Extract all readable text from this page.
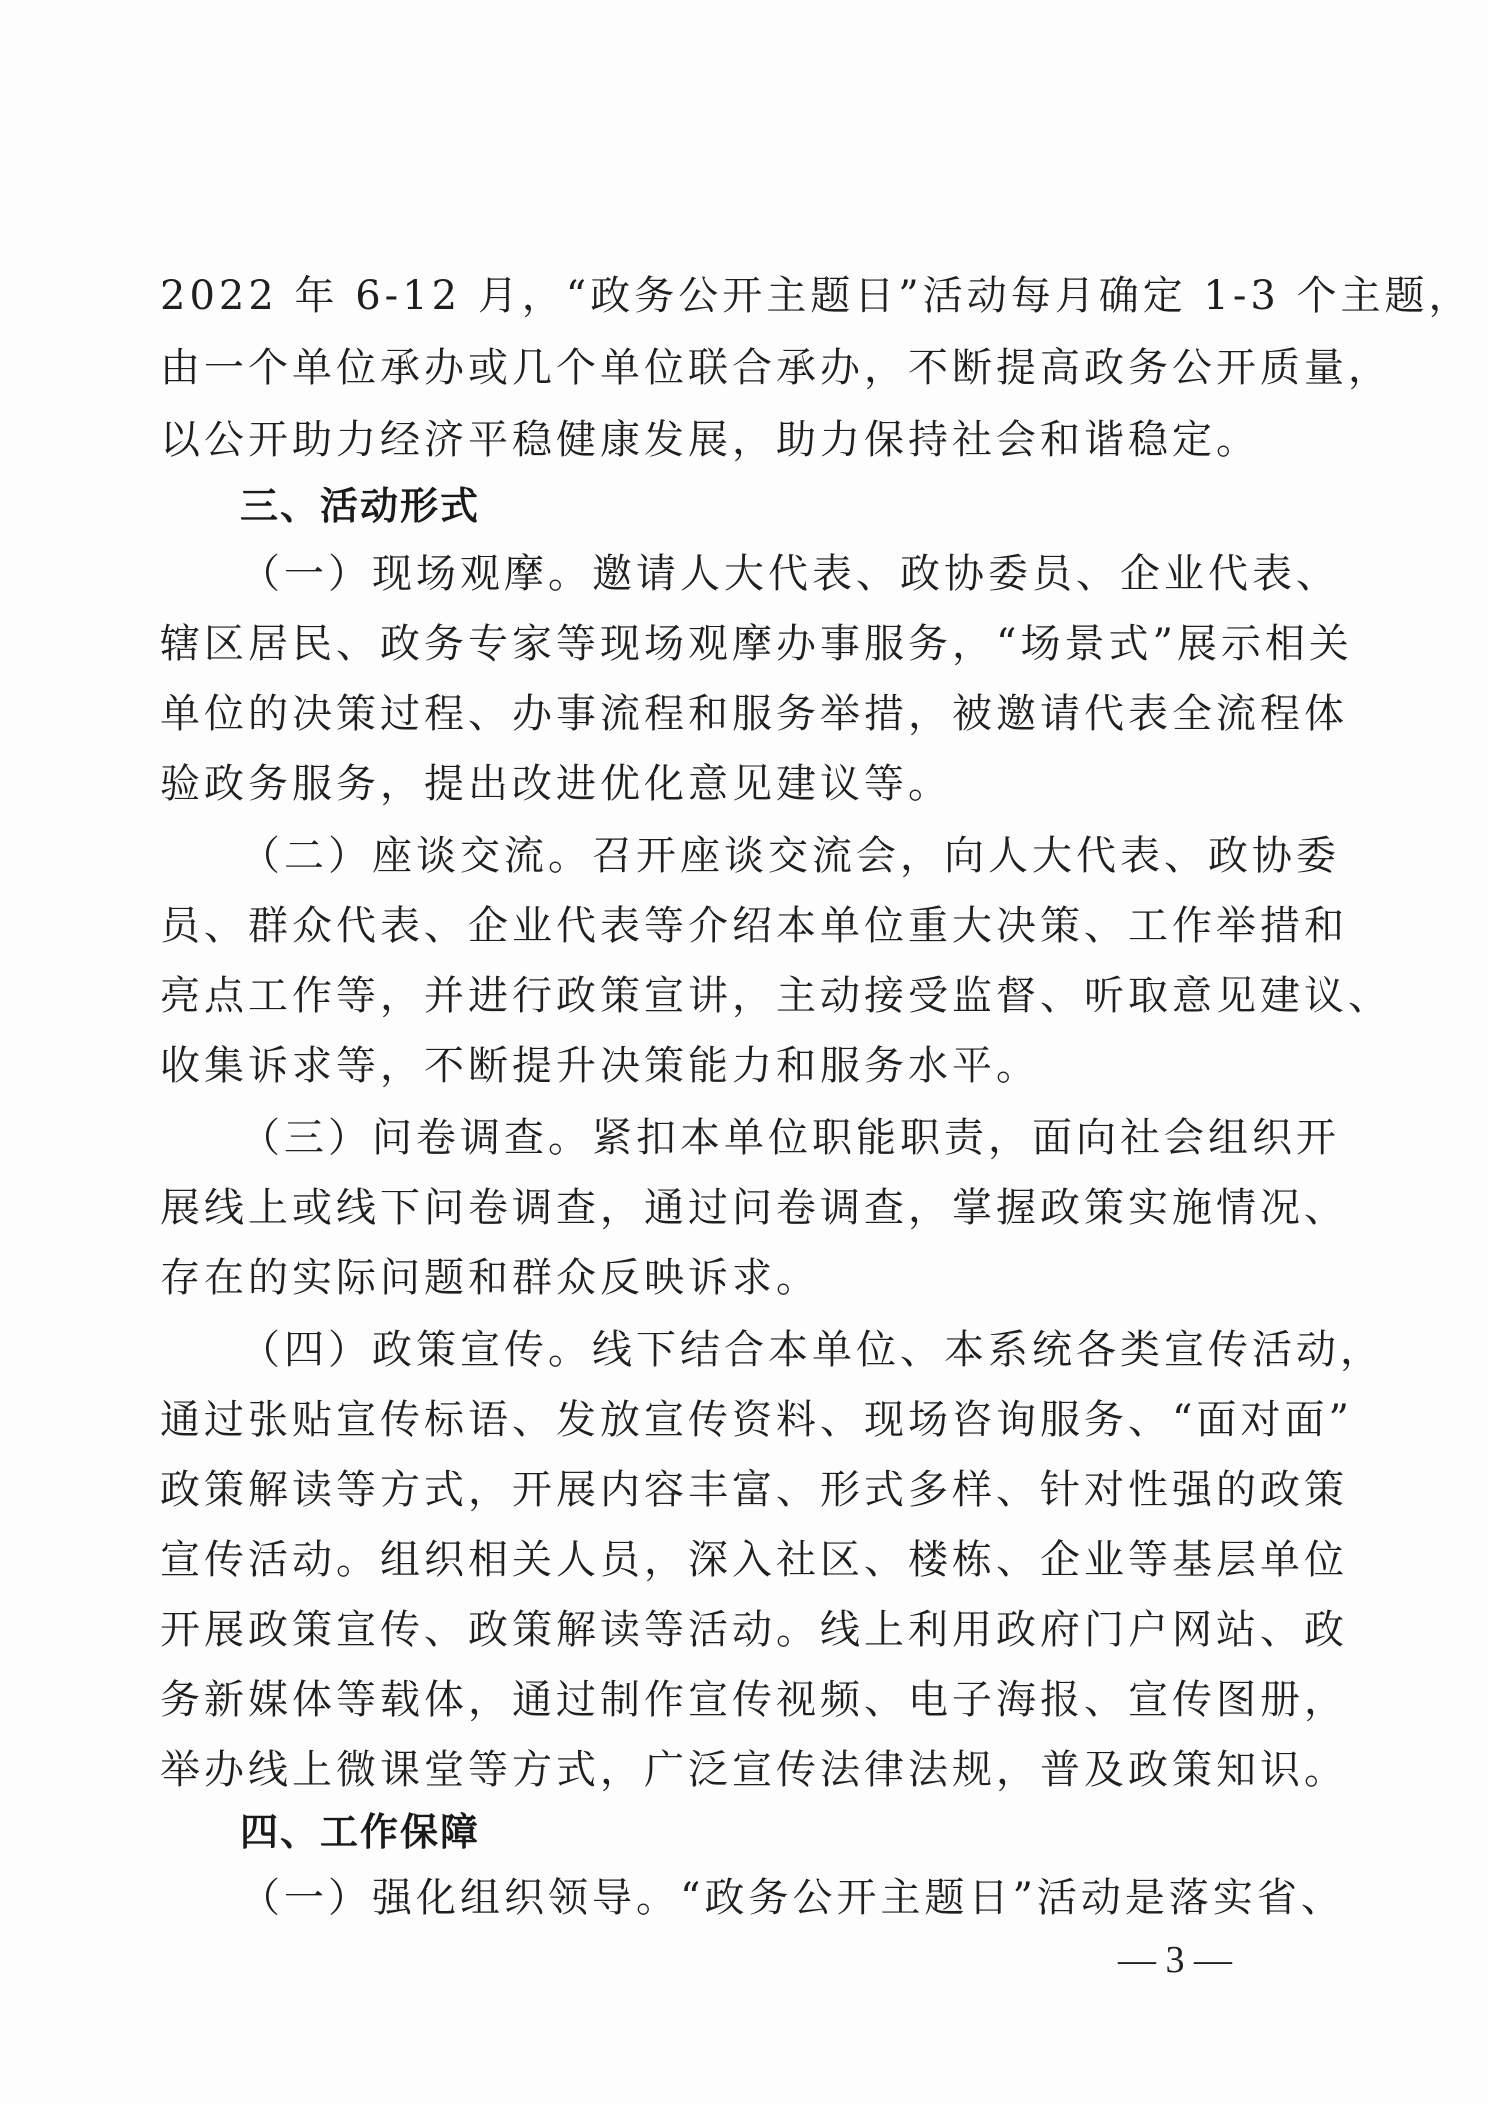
2022 年 6-12 月，“政务公开主题日”活动每月确定 1-3 个主题，
由一个单位承办或几个单位联合承办，不断提高政务公开质量，
以公开助力经济平稳健康发展，助力保持社会和谐稳定。
三、活动形式
（一）现场观摩。邀请人大代表、政协委员、企业代表、
辖区居民、政务专家等现场观摩办事服务，“场景式”展示相关
单位的决策过程、办事流程和服务举措，被邀请代表全流程体
验政务服务，提出改进优化意见建议等。
（二）座谈交流。召开座谈交流会，向人大代表、政协委
员、群众代表、企业代表等介绍本单位重大决策、工作举措和
亮点工作等，并进行政策宣讲，主动接受监督、听取意见建议、
收集诉求等，不断提升决策能力和服务水平。
（三）问卷调查。紧扣本单位职能职责，面向社会组织开
展线上或线下问卷调查，通过问卷调查，掌握政策实施情况、
存在的实际问题和群众反映诉求。
（四）政策宣传。线下结合本单位、本系统各类宣传活动，
通过张贴宣传标语、发放宣传资料、现场咨询服务、“面对面”
政策解读等方式，开展内容丰富、形式多样、针对性强的政策
宣传活动。组织相关人员，深入社区、楼栋、企业等基层单位
开展政策宣传、政策解读等活动。线上利用政府门户网站、政
务新媒体等载体，通过制作宣传视频、电子海报、宣传图册，
举办线上微课堂等方式，广泛宣传法律法规，普及政策知识。
四、工作保障
（一）强化组织领导。“政务公开主题日”活动是落实省、
— 3 —
